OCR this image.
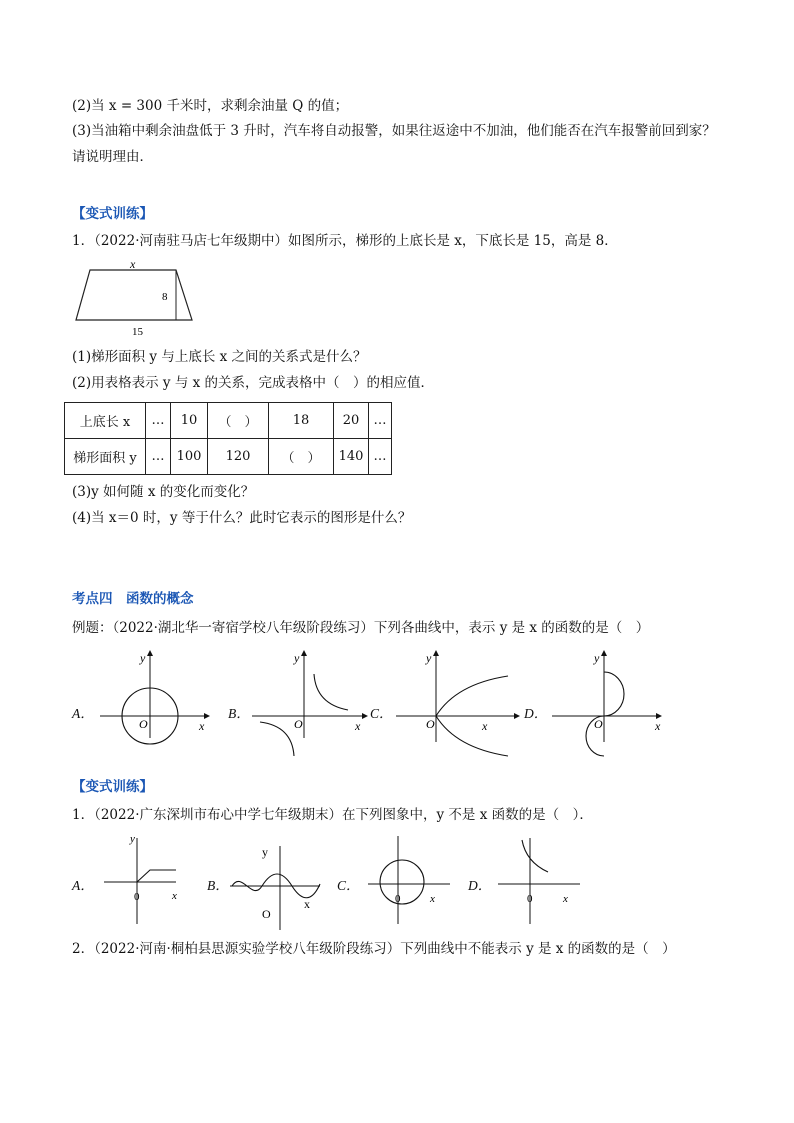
(2)当 x = 300 千米时，求剩余油量 Q 的值；
(3)当油箱中剩余油盘低于 3 升时，汽车将自动报警，如果往返途中不加油，他们能否在汽车报警前回到家？
请说明理由．
【变式训练】
1．（2022·河南驻马店七年级期中）如图所示，梯形的上底长是 x，下底长是 15，高是 8．
x
8
15
(1)梯形面积 y 与上底长 x 之间的关系式是什么？
(2)用表格表示 y 与 x 的关系，完成表格中（　）的相应值．
上底长 x	…	10	（　）	18	20	…
梯形面积 y	…	100	120	（　）	140	…
(3)y 如何随 x 的变化而变化？
(4)当 x＝0 时，y 等于什么？此时它表示的图形是什么？
考点四　函数的概念
例题：（2022·湖北华一寄宿学校八年级阶段练习）下列各曲线中，表示 y 是 x 的函数的是（　）
A．
y
x
O
B．
y
x
O
C．
y
x
O
D．
y
x
O
【变式训练】
1．（2022·广东深圳市布心中学七年级期末）在下列图象中，y 不是 x 函数的是（　）．
A．
y
x
0
B．
y
x
O
C．
0	x
D．
0	x
2．（2022·河南·桐柏县思源实验学校八年级阶段练习）下列曲线中不能表示 y 是 x 的函数的是（　）
